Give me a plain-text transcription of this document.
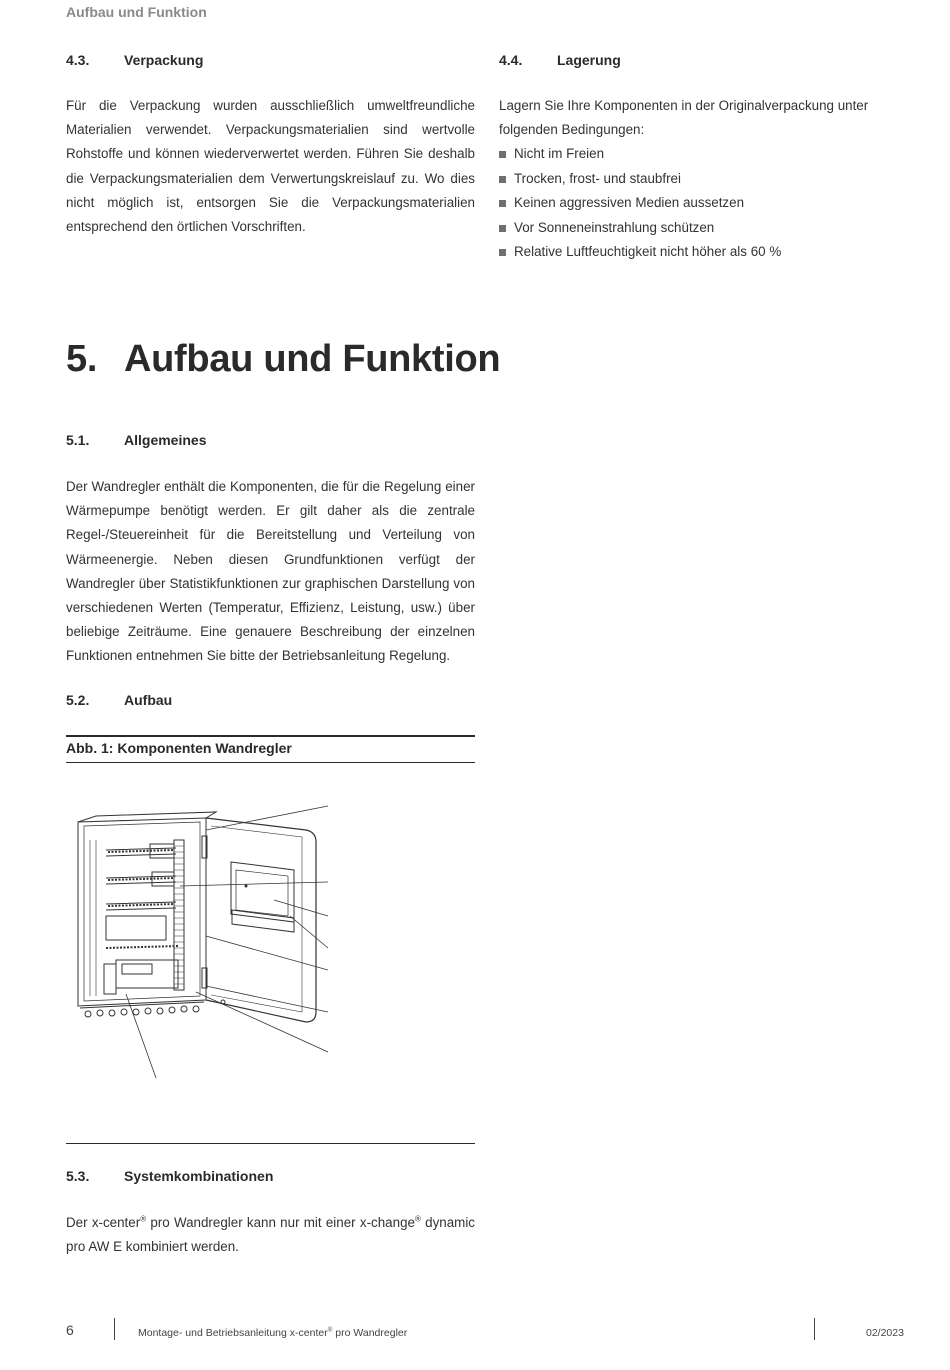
Aufbau und Funktion
4.3. Verpackung
Für die Verpackung wurden ausschließlich umweltfreundliche Materialien verwendet. Verpackungsmaterialien sind wertvolle Rohstoffe und können wiederverwertet werden. Führen Sie deshalb die Verpackungsmaterialien dem Verwertungskreislauf zu. Wo dies nicht möglich ist, entsorgen Sie die Verpackungsmaterialien entsprechend den örtlichen Vorschriften.
4.4. Lagerung
Lagern Sie Ihre Komponenten in der Originalverpackung unter folgenden Bedingungen:
Nicht im Freien
Trocken, frost- und staubfrei
Keinen aggressiven Medien aussetzen
Vor Sonneneinstrahlung schützen
Relative Luftfeuchtigkeit nicht höher als 60 %
5. Aufbau und Funktion
5.1. Allgemeines
Der Wandregler enthält die Komponenten, die für die Regelung einer Wärmepumpe benötigt werden. Er gilt daher als die zentrale Regel-/Steuereinheit für die Bereitstellung und Verteilung von Wärmeenergie. Neben diesen Grundfunktionen verfügt der Wandregler über Statistikfunktionen zur graphischen Darstellung von verschiedenen Werten (Temperatur, Effizienz, Leistung, usw.) über beliebige Zeiträume. Eine genauere Beschreibung der einzelnen Funktionen entnehmen Sie bitte der Betriebsanleitung Regelung.
5.2. Aufbau
Abb. 1: Komponenten Wandregler
5.3. Systemkombinationen
Der x-center® pro Wandregler kann nur mit einer x-change® dynamic pro AW E kombiniert werden.
6	Montage- und Betriebsanleitung x-center® pro Wandregler	02/2023
